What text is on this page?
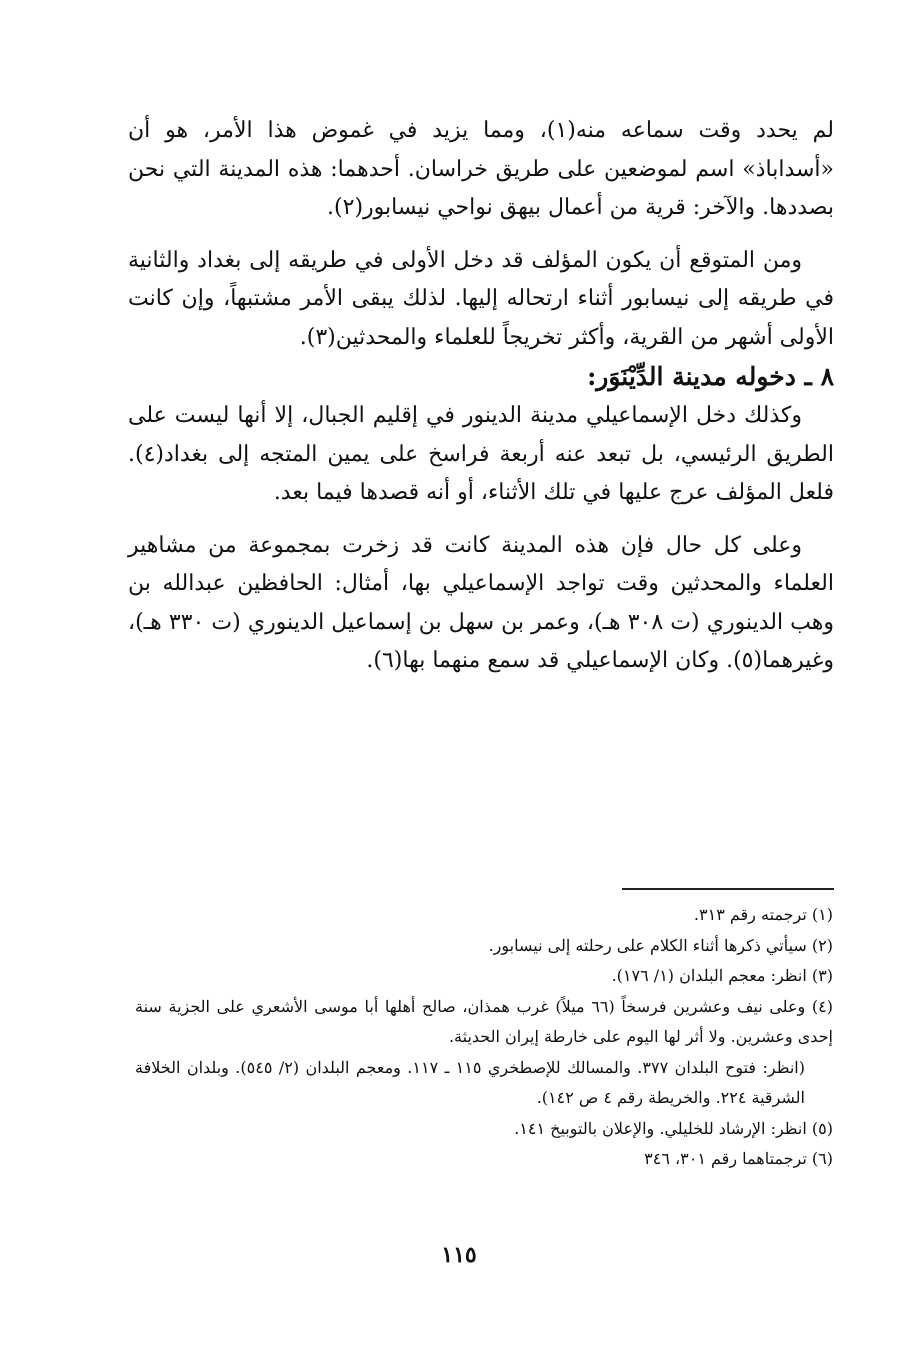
لم يحدد وقت سماعه منه(١)، ومما يزيد في غموض هذا الأمر، هو أن «أسداباذ» اسم لموضعين على طريق خراسان. أحدهما: هذه المدينة التي نحن بصددها. والآخر: قرية من أعمال بيهق نواحي نيسابور(٢).

ومن المتوقع أن يكون المؤلف قد دخل الأولى في طريقه إلى بغداد والثانية في طريقه إلى نيسابور أثناء ارتحاله إليها. لذلك يبقى الأمر مشتبهاً، وإن كانت الأولى أشهر من القرية، وأكثر تخريجاً للعلماء والمحدثين(٣).

٨ ـ دخوله مدينة الدِّيْنَوَر:

وكذلك دخل الإسماعيلي مدينة الدينور في إقليم الجبال، إلا أنها ليست على الطريق الرئيسي، بل تبعد عنه أربعة فراسخ على يمين المتجه إلى بغداد(٤). فلعل المؤلف عرج عليها في تلك الأثناء، أو أنه قصدها فيما بعد.

وعلى كل حال فإن هذه المدينة كانت قد زخرت بمجموعة من مشاهير العلماء والمحدثين وقت تواجد الإسماعيلي بها، أمثال: الحافظين عبدالله بن وهب الدينوري (ت ٣٠٨ هـ)، وعمر بن سهل بن إسماعيل الدينوري (ت ٣٣٠ هـ)، وغيرهما(٥). وكان الإسماعيلي قد سمع منهما بها(٦).

(١) ترجمته رقم ٣١٣.

(٢) سيأتي ذكرها أثناء الكلام على رحلته إلى نيسابور.

(٣) انظر: معجم البلدان (١/ ١٧٦).

(٤) وعلى نيف وعشرين فرسخاً (٦٦ ميلاً) غرب همذان، صالح أهلها أبا موسى الأشعري على الجزية سنة إحدى وعشرين. ولا أثر لها اليوم على خارطة إيران الحديثة.

(انظر: فتوح البلدان ٣٧٧. والمسالك للإصطخري ١١٥ ـ ١١٧. ومعجم البلدان (٢/ ٥٤٥). وبلدان الخلافة الشرقية ٢٢٤. والخريطة رقم ٤ ص ١٤٢).

(٥) انظر: الإرشاد للخليلي. والإعلان بالتوبيخ ١٤١.

(٦) ترجمتاهما رقم ٣٠١، ٣٤٦

١١٥
